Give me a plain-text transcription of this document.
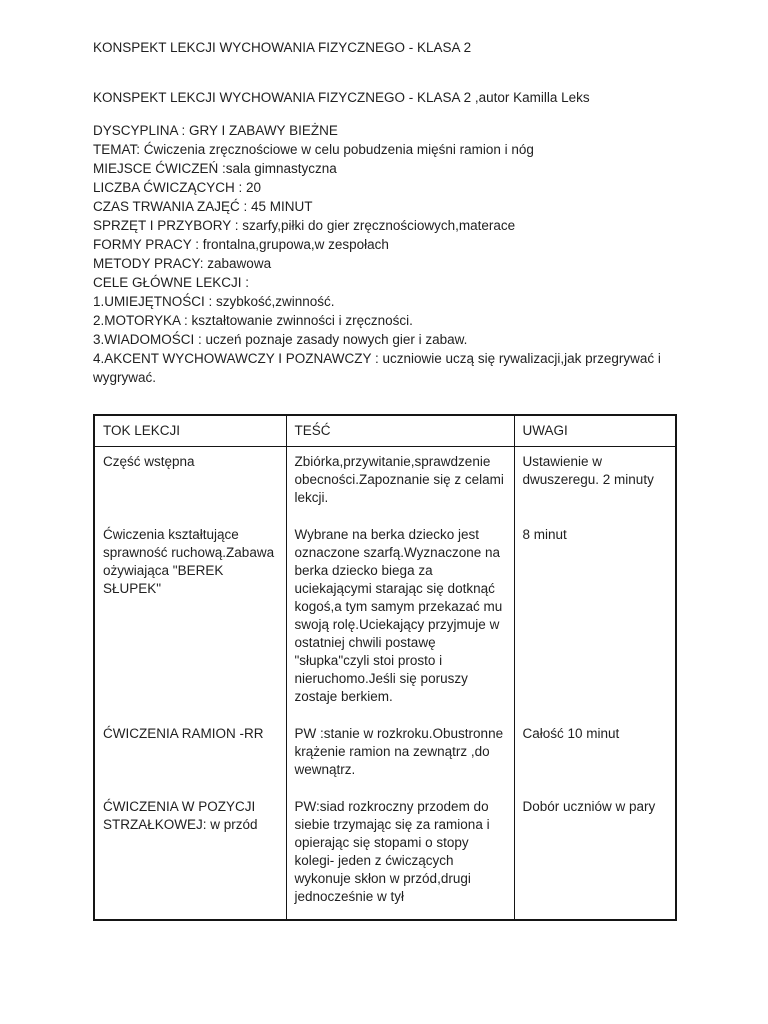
KONSPEKT LEKCJI WYCHOWANIA FIZYCZNEGO - KLASA 2
KONSPEKT LEKCJI WYCHOWANIA FIZYCZNEGO - KLASA 2 ,autor Kamilla Leks
DYSCYPLINA : GRY I ZABAWY BIEŻNE
TEMAT: Ćwiczenia zręcznościowe w celu pobudzenia mięśni ramion i nóg
MIEJSCE ĆWICZEŃ :sala gimnastyczna
LICZBA ĆWICZĄCYCH : 20
CZAS TRWANIA ZAJĘĆ : 45 MINUT
SPRZĘT I PRZYBORY : szarfy,piłki do gier zręcznościowych,materace
FORMY PRACY : frontalna,grupowa,w zespołach
METODY PRACY: zabawowa
CELE GŁÓWNE LEKCJI :
1.UMIEJĘTNOŚCI : szybkość,zwinność.
2.MOTORYKA : kształtowanie zwinności i zręczności.
3.WIADOMOŚCI : uczeń poznaje zasady nowych gier i zabaw.
4.AKCENT WYCHOWAWCZY I POZNAWCZY : uczniowie uczą się rywalizacji,jak przegrywać i wygrywać.
TOK LEKCJI	TEŚĆ	UWAGI
Część wstępna	Zbiórka,przywitanie,sprawdzenie obecności.Zapoznanie się z celami lekcji.	Ustawienie w dwuszeregu. 2 minuty
Ćwiczenia kształtujące sprawność ruchową.Zabawa ożywiająca "BEREK SŁUPEK"	Wybrane na berka dziecko jest oznaczone szarfą.Wyznaczone na berka dziecko biega za uciekającymi starając się dotknąć kogoś,a tym samym przekazać mu swoją rolę.Uciekający przyjmuje w ostatniej chwili postawę "słupka"czyli stoi prosto i nieruchomo.Jeśli się poruszy zostaje berkiem.	8 minut
ĆWICZENIA RAMION -RR	PW :stanie w rozkroku.Obustronne krążenie ramion na zewnątrz ,do wewnątrz.	Całość 10 minut
ĆWICZENIA W POZYCJI STRZAŁKOWEJ: w przód	PW:siad rozkroczny przodem do siebie trzymając się za ramiona i opierając się stopami o stopy kolegi- jeden z ćwiczących wykonuje skłon w przód,drugi jednocześnie w tył	Dobór uczniów w pary
